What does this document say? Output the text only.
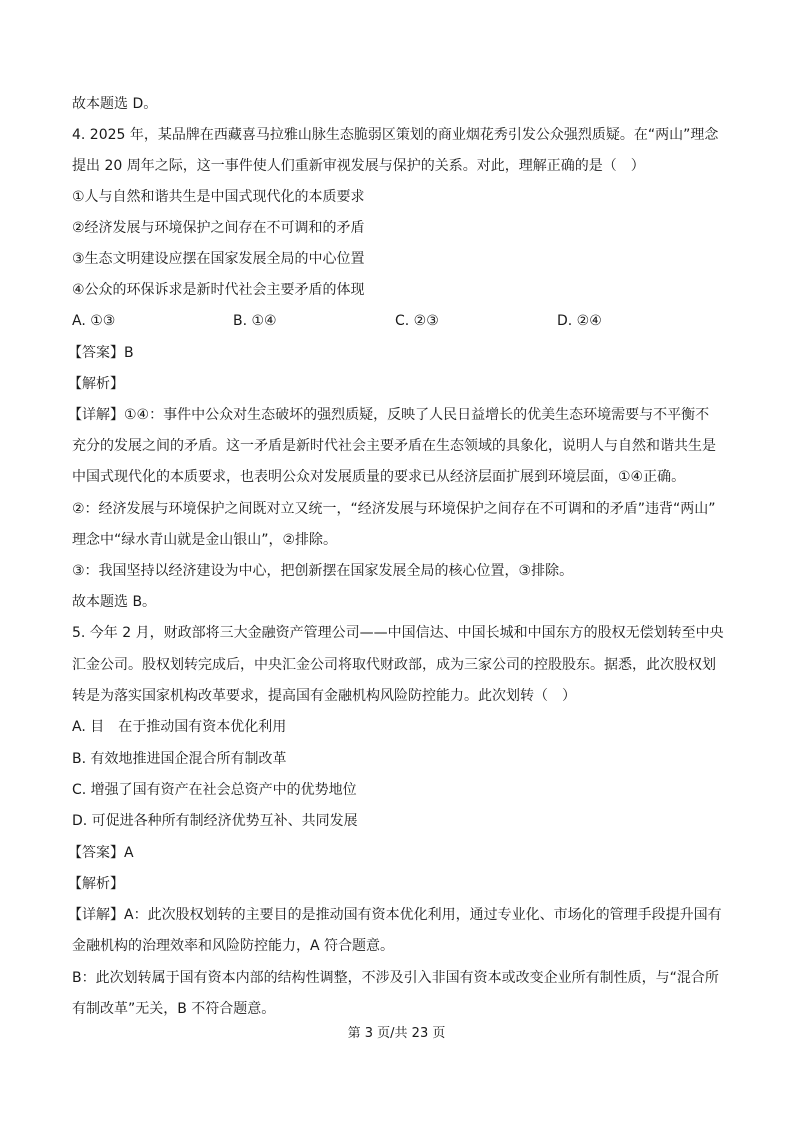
故本题选 D。
4. 2025 年，某品牌在西藏喜马拉雅山脉生态脆弱区策划的商业烟花秀引发公众强烈质疑。在“两山”理念
提出 20 周年之际，这一事件使人们重新审视发展与保护的关系。对此，理解正确的是（　）
①人与自然和谐共生是中国式现代化的本质要求
②经济发展与环境保护之间存在不可调和的矛盾
③生态文明建设应摆在国家发展全局的中心位置
④公众的环保诉求是新时代社会主要矛盾的体现
A. ①③	B. ①④	C. ②③	D. ②④
【答案】B
【解析】
【详解】①④：事件中公众对生态破坏的强烈质疑，反映了人民日益增长的优美生态环境需要与不平衡不
充分的发展之间的矛盾。这一矛盾是新时代社会主要矛盾在生态领域的具象化，说明人与自然和谐共生是
中国式现代化的本质要求，也表明公众对发展质量的要求已从经济层面扩展到环境层面，①④正确。
②：经济发展与环境保护之间既对立又统一，“经济发展与环境保护之间存在不可调和的矛盾”违背“两山”
理念中“绿水青山就是金山银山”，②排除。
③：我国坚持以经济建设为中心，把创新摆在国家发展全局的核心位置，③排除。
故本题选 B。
5. 今年 2 月，财政部将三大金融资产管理公司——中国信达、中国长城和中国东方的股权无偿划转至中央
汇金公司。股权划转完成后，中央汇金公司将取代财政部，成为三家公司的控股股东。据悉，此次股权划
转是为落实国家机构改革要求，提高国有金融机构风险防控能力。此次划转（　）
A. 目　在于推动国有资本优化利用
B. 有效地推进国企混合所有制改革
C. 增强了国有资产在社会总资产中的优势地位
D. 可促进各种所有制经济优势互补、共同发展
【答案】A
【解析】
【详解】A：此次股权划转的主要目的是推动国有资本优化利用，通过专业化、市场化的管理手段提升国有
金融机构的治理效率和风险防控能力，A 符合题意。
B：此次划转属于国有资本内部的结构性调整，不涉及引入非国有资本或改变企业所有制性质，与“混合所
有制改革”无关，B 不符合题意。
第 3 页/共 23 页
